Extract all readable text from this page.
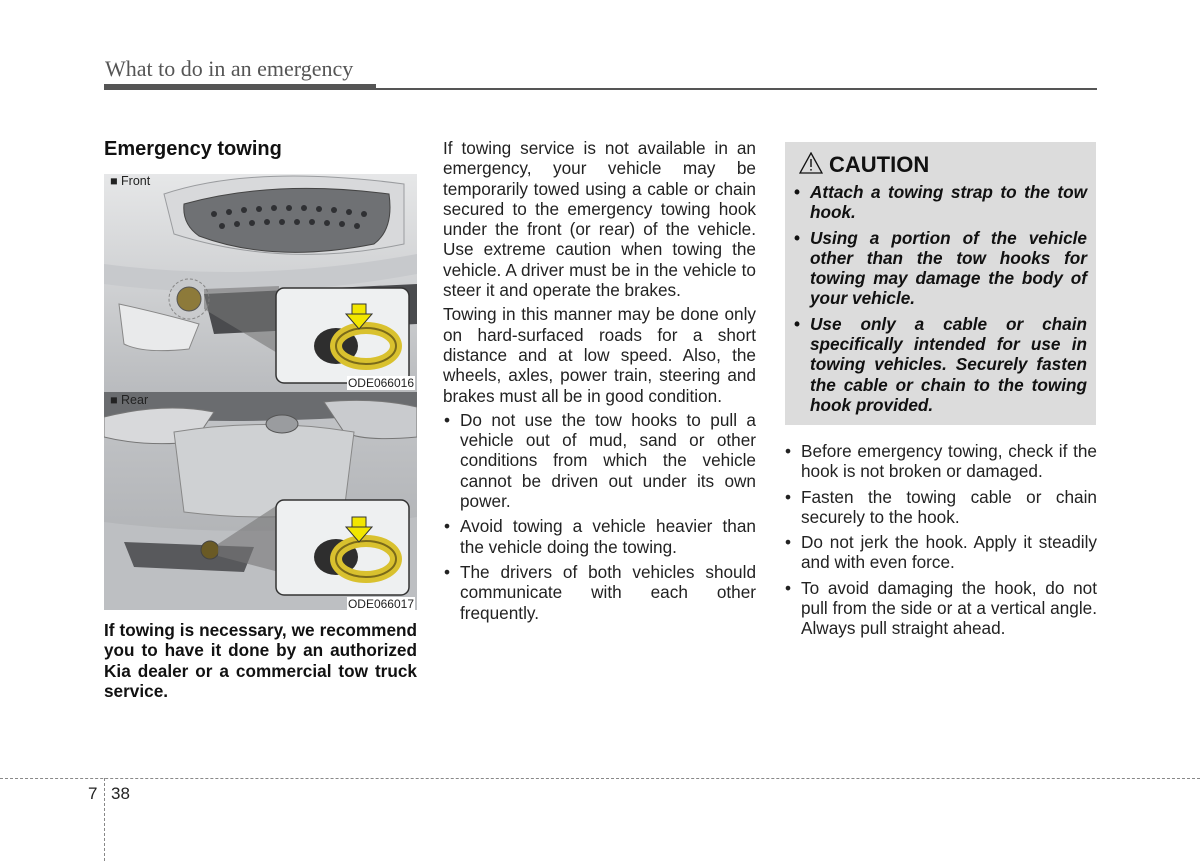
What to do in an emergency
Emergency towing
■ Front
ODE066016
■ Rear
ODE066017

If towing is necessary, we recommend you to have it done by an authorized Kia dealer or a commercial tow truck service.

If towing service is not available in an emergency, your vehicle may be temporarily towed using a cable or chain secured to the emergency towing hook under the front (or rear) of the vehicle. Use extreme caution when towing the vehicle. A driver must be in the vehicle to steer it and operate the brakes.

Towing in this manner may be done only on hard-surfaced roads for a short distance and at low speed. Also, the wheels, axles, power train, steering and brakes must all be in good condition.

• Do not use the tow hooks to pull a vehicle out of mud, sand or other conditions from which the vehicle cannot be driven out under its own power.
• Avoid towing a vehicle heavier than the vehicle doing the towing.
• The drivers of both vehicles should communicate with each other frequently.
CAUTION
• Attach a towing strap to the tow hook.
• Using a portion of the vehicle other than the tow hooks for towing may damage the body of your vehicle.
• Use only a cable or chain specifically intended for use in towing vehicles. Securely fasten the cable or chain to the towing hook provided.
• Before emergency towing, check if the hook is not broken or damaged.
• Fasten the towing cable or chain securely to the hook.
• Do not jerk the hook. Apply it steadily and with even force.
• To avoid damaging the hook, do not pull from the side or at a vertical angle. Always pull straight ahead.
7 38
